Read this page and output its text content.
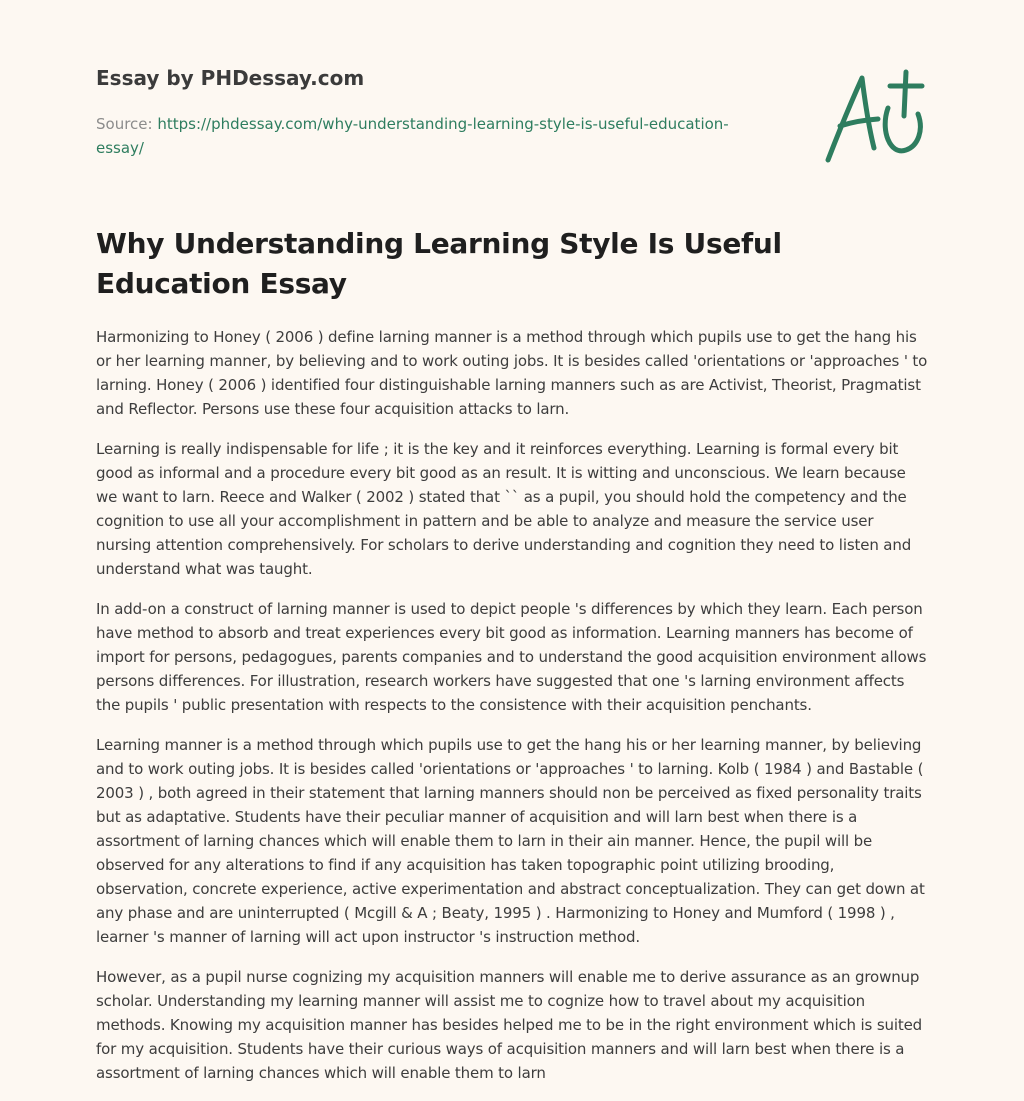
Essay by PHDessay.com
Source: https://phdessay.com/why-understanding-learning-style-is-useful-education-essay/
Why Understanding Learning Style Is Useful Education Essay

Harmonizing to Honey ( 2006 ) define larning manner is a method through which pupils use to get the hang his or her learning manner, by believing and to work outing jobs. It is besides called 'orientations or 'approaches ' to larning. Honey ( 2006 ) identified four distinguishable larning manners such as are Activist, Theorist, Pragmatist and Reflector. Persons use these four acquisition attacks to larn.

Learning is really indispensable for life ; it is the key and it reinforces everything. Learning is formal every bit good as informal and a procedure every bit good as an result. It is witting and unconscious. We learn because we want to larn. Reece and Walker ( 2002 ) stated that `` as a pupil, you should hold the competency and the cognition to use all your accomplishment in pattern and be able to analyze and measure the service user nursing attention comprehensively. For scholars to derive understanding and cognition they need to listen and understand what was taught.

In add-on a construct of larning manner is used to depict people 's differences by which they learn. Each person have method to absorb and treat experiences every bit good as information. Learning manners has become of import for persons, pedagogues, parents companies and to understand the good acquisition environment allows persons differences. For illustration, research workers have suggested that one 's larning environment affects the pupils ' public presentation with respects to the consistence with their acquisition penchants.

Learning manner is a method through which pupils use to get the hang his or her learning manner, by believing and to work outing jobs. It is besides called 'orientations or 'approaches ' to larning. Kolb ( 1984 ) and Bastable ( 2003 ) , both agreed in their statement that larning manners should non be perceived as fixed personality traits but as adaptative. Students have their peculiar manner of acquisition and will larn best when there is a assortment of larning chances which will enable them to larn in their ain manner. Hence, the pupil will be observed for any alterations to find if any acquisition has taken topographic point utilizing brooding, observation, concrete experience, active experimentation and abstract conceptualization. They can get down at any phase and are uninterrupted ( Mcgill & A ; Beaty, 1995 ) . Harmonizing to Honey and Mumford ( 1998 ) , learner 's manner of larning will act upon instructor 's instruction method.

However, as a pupil nurse cognizing my acquisition manners will enable me to derive assurance as an grownup scholar. Understanding my learning manner will assist me to cognize how to travel about my acquisition methods. Knowing my acquisition manner has besides helped me to be in the right environment which is suited for my acquisition. Students have their curious ways of acquisition manners and will larn best when there is a assortment of larning chances which will enable them to larn
